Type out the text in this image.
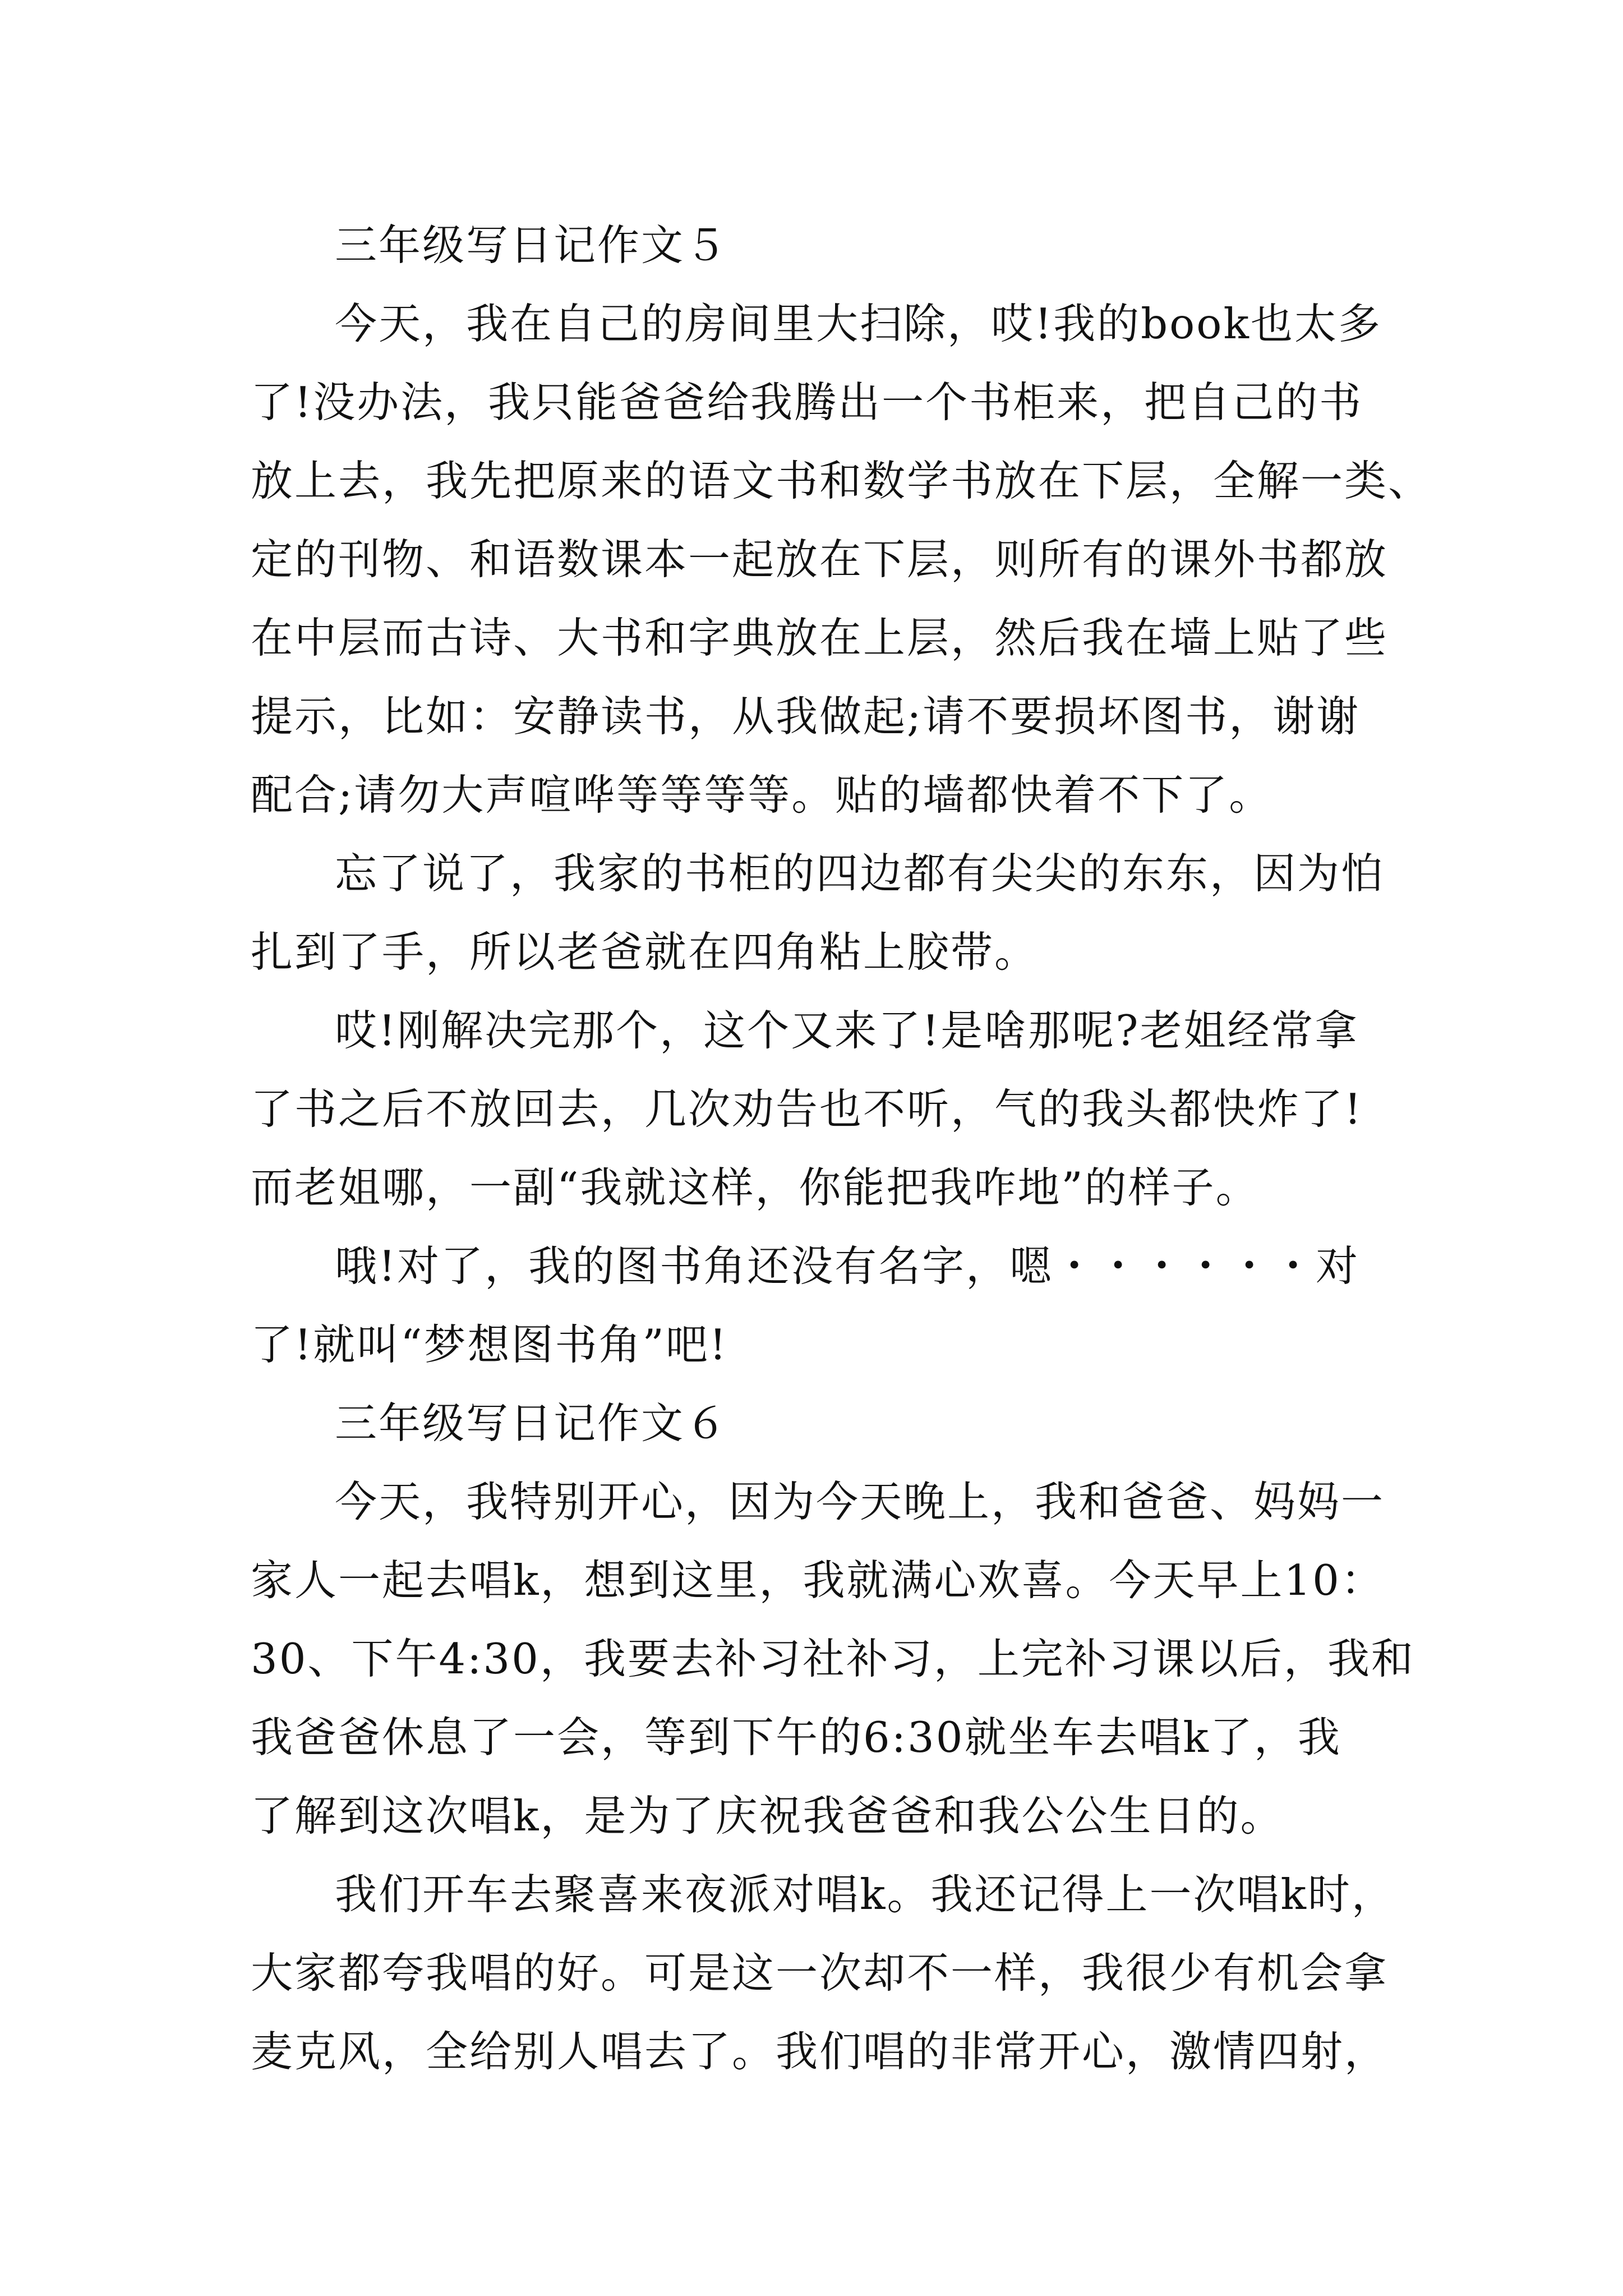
三年级写日记作文５
今天，我在自己的房间里大扫除，哎!我的book也太多
了!没办法，我只能爸爸给我腾出一个书柜来，把自己的书
放上去，我先把原来的语文书和数学书放在下层，全解一类、
定的刊物、和语数课本一起放在下层，则所有的课外书都放
在中层而古诗、大书和字典放在上层，然后我在墙上贴了些
提示，比如：安静读书，从我做起;请不要损坏图书，谢谢
配合;请勿大声喧哗等等等等。贴的墙都快着不下了。
忘了说了，我家的书柜的四边都有尖尖的东东，因为怕
扎到了手，所以老爸就在四角粘上胶带。
哎!刚解决完那个，这个又来了!是啥那呢?老姐经常拿
了书之后不放回去，几次劝告也不听，气的我头都快炸了!
而老姐哪，一副“我就这样，你能把我咋地”的样子。
哦!对了，我的图书角还没有名字，嗯・・・・・・对
了!就叫“梦想图书角”吧!
三年级写日记作文６
今天，我特别开心，因为今天晚上，我和爸爸、妈妈一
家人一起去唱k，想到这里，我就满心欢喜。今天早上10：
30、下午4:30，我要去补习社补习，上完补习课以后，我和
我爸爸休息了一会，等到下午的6:30就坐车去唱k了，我
了解到这次唱k，是为了庆祝我爸爸和我公公生日的。
我们开车去聚喜来夜派对唱k。我还记得上一次唱k时，
大家都夸我唱的好。可是这一次却不一样，我很少有机会拿
麦克风，全给别人唱去了。我们唱的非常开心，激情四射，
